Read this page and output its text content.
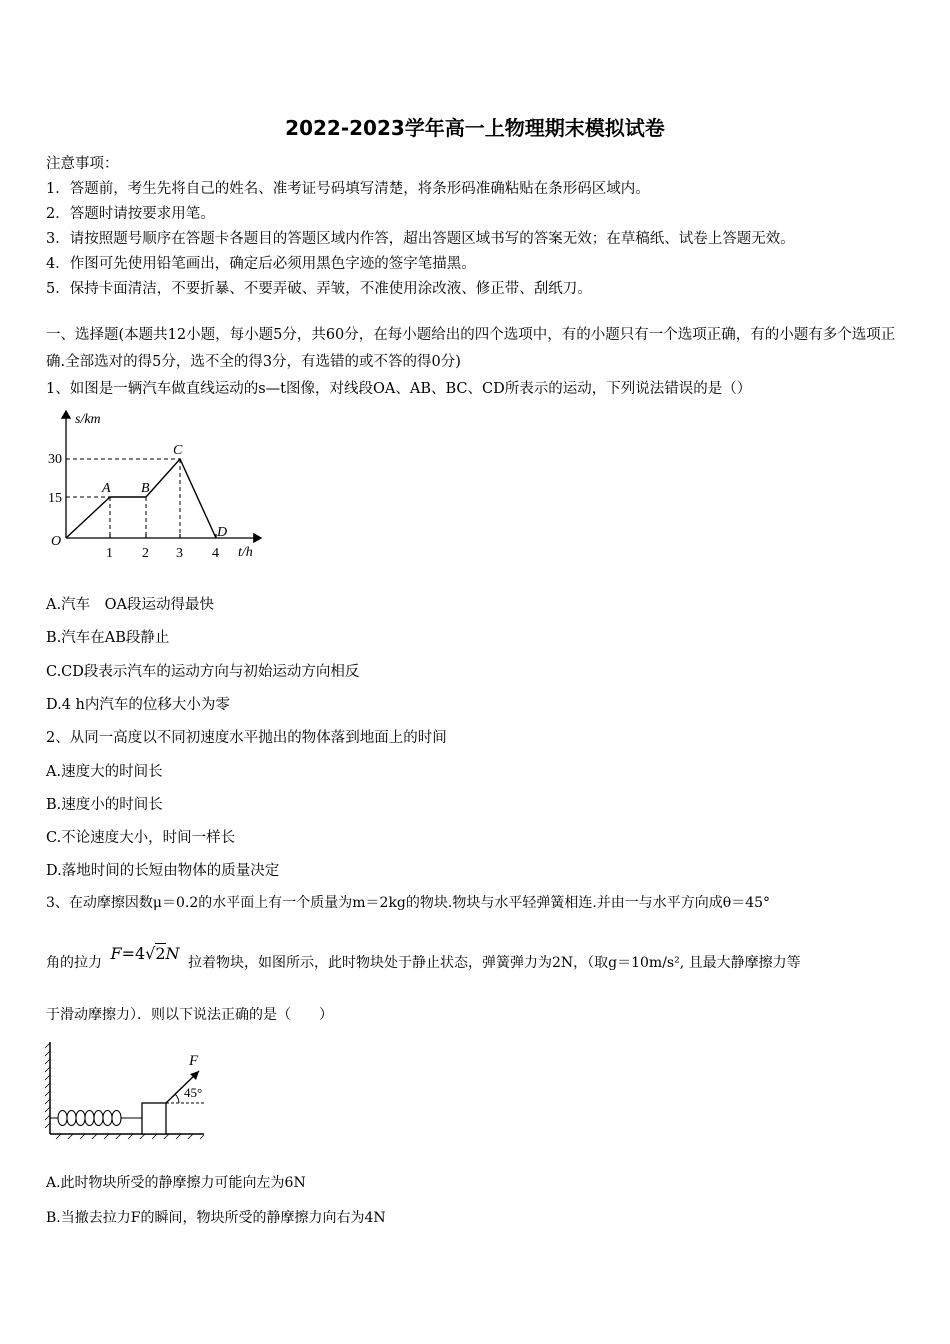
2022-2023学年高一上物理期末模拟试卷
注意事项：
1．答题前，考生先将自己的姓名、准考证号码填写清楚，将条形码准确粘贴在条形码区域内。
2．答题时请按要求用笔。
3．请按照题号顺序在答题卡各题目的答题区域内作答，超出答题区域书写的答案无效；在草稿纸、试卷上答题无效。
4．作图可先使用铅笔画出，确定后必须用黑色字迹的签字笔描黑。
5．保持卡面清洁，不要折暴、不要弄破、弄皱，不准使用涂改液、修正带、刮纸刀。
一、选择题(本题共12小题，每小题5分，共60分，在每小题给出的四个选项中，有的小题只有一个选项正确，有的小题有多个选项正确.全部选对的得5分，选不全的得3分，有选错的或不答的得0分)
1、如图是一辆汽车做直线运动的s—t图像，对线段OA、AB、BC、CD所表示的运动，下列说法错误的是（）
s/km
t/h
O
30
15
1 2 3 4
A B
C
D
A.汽车　OA段运动得最快
B.汽车在AB段静止
C.CD段表示汽车的运动方向与初始运动方向相反
D.4 h内汽车的位移大小为零
2、从同一高度以不同初速度水平抛出的物体落到地面上的时间
A.速度大的时间长
B.速度小的时间长
C.不论速度大小，时间一样长
D.落地时间的长短由物体的质量决定
3、在动摩擦因数μ＝0.2的水平面上有一个质量为m＝2kg的物块.物块与水平轻弹簧相连.并由一与水平方向成θ＝45°
角的拉力 F=4√2N 拉着物块，如图所示，此时物块处于静止状态，弹簧弹力为2N，（取g＝10m/s², 且最大静摩擦力等
于滑动摩擦力）．则以下说法正确的是（　　）
F
45°
A.此时物块所受的静摩擦力可能向左为6N
B.当撤去拉力F的瞬间，物块所受的静摩擦力向右为4N
